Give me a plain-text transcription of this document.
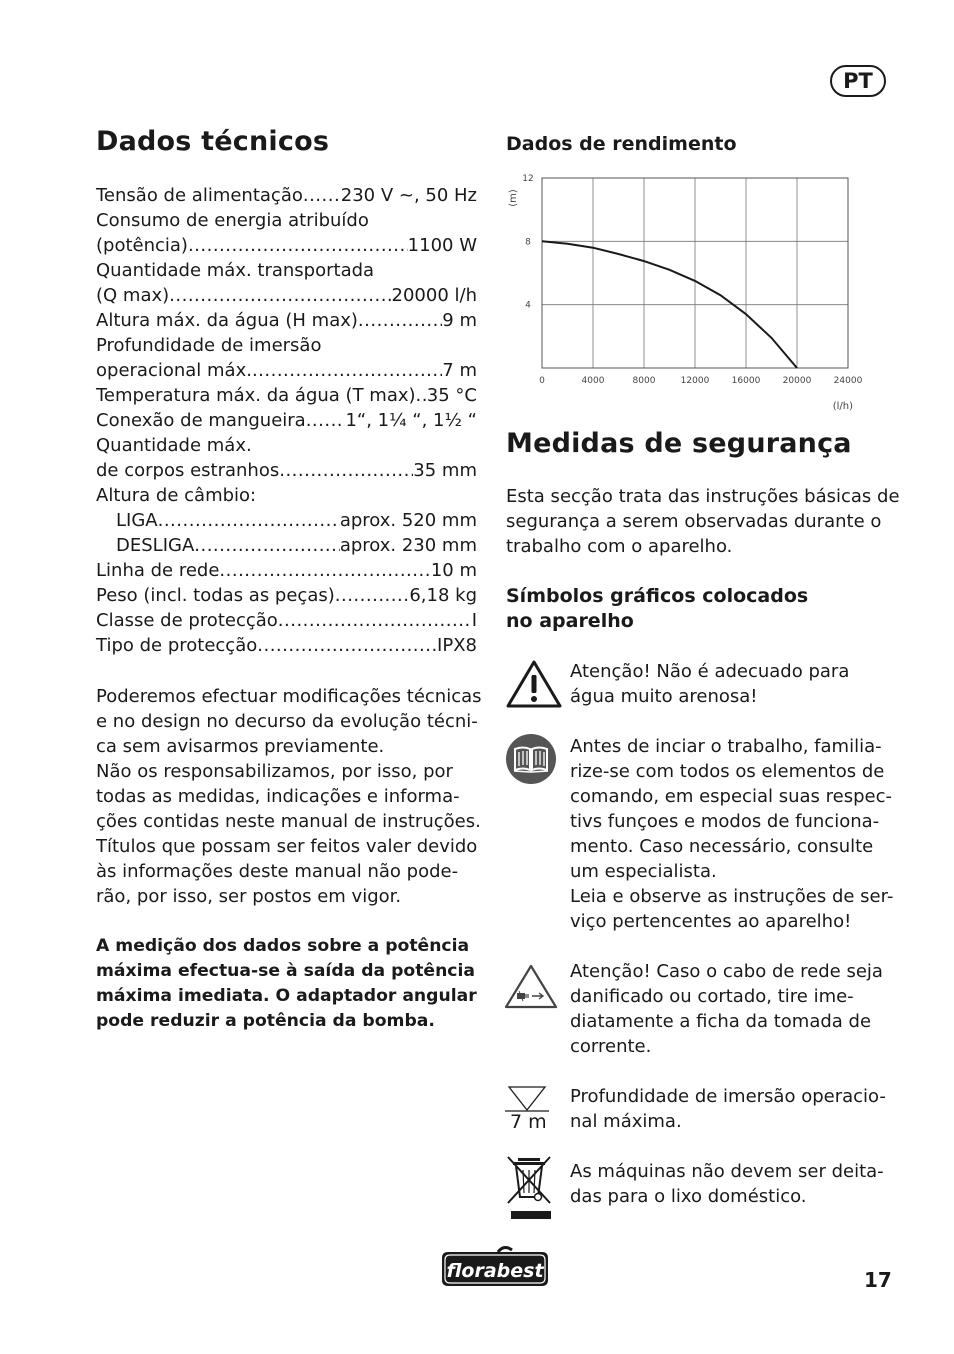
PT
Dados técnicos
Tensão de alimentação ..... 230 V ~, 50 Hz
Consumo de energia atribuído
(potência) .....	1100 W
Quantidade máx. transportada
(Q max) .....	20000 l/h
Altura máx. da água (H max) .....	9 m
Profundidade de imersão
operacional máx. .....	7 m
Temperatura máx. da água (T max) ..... 35 °C
Conexão de mangueira ..... 1“, 1¼ “, 1½ “
Quantidade máx.
de corpos estranhos .....	35 mm
Altura de câmbio:
LIGA .....	aprox. 520 mm
DESLIGA .....	aprox. 230 mm
Linha de rede .....	10 m
Peso (incl. todas as peças) .....	6,18 kg
Classe de protecção .....	I
Tipo de protecção .....	IPX8
Poderemos efectuar modificações técnicas
e no design no decurso da evolução técni-
ca sem avisarmos previamente.
Não os responsabilizamos, por isso, por
todas as medidas, indicações e informa-
ções contidas neste manual de instruções.
Títulos que possam ser feitos valer devido
às informações deste manual não pode-
rão, por isso, ser postos em vigor.
A medição dos dados sobre a potência
máxima efectua-se à saída da potência
máxima imediata. O adaptador angular
pode reduzir a potência da bomba.
Dados de rendimento
0	4000	8000	12000 16000 20000 24000
4
8
12
(m)
(l/h)
Medidas de segurança
Esta secção trata das instruções básicas de
segurança a serem observadas durante o
trabalho com o aparelho.
Símbolos gráficos colocados
no aparelho
7 m
Atenção! Não é adecuado para
água muito arenosa!
Antes de inciar o trabalho, familia-
rize-se com todos os elementos de
comando, em especial suas respec-
tivs funçoes e modos de funciona-
mento. Caso necessário, consulte
um especialista.
Leia e observe as instruções de ser-
viço pertencentes ao aparelho!
Atenção! Caso o cabo de rede seja
danificado ou cortado, tire ime-
diatamente a ficha da tomada de
corrente.
Profundidade de imersão operacio-
nal máxima.
As máquinas não devem ser deita-
das para o lixo doméstico.
florabest	17
